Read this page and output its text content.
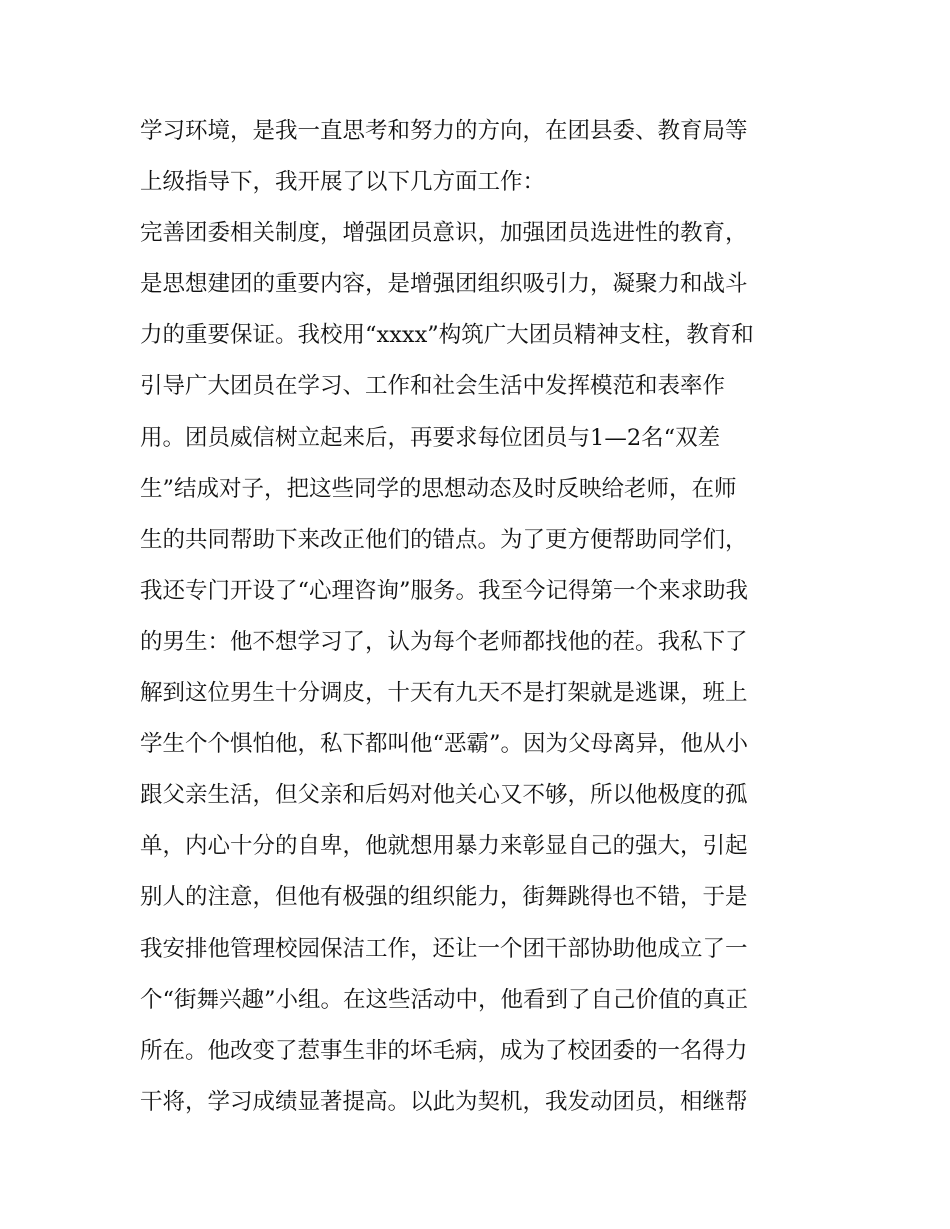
学习环境，是我一直思考和努力的方向，在团县委、教育局等
上级指导下，我开展了以下几方面工作：
完善团委相关制度，增强团员意识，加强团员选进性的教育，
是思想建团的重要内容，是增强团组织吸引力，凝聚力和战斗
力的重要保证。我校用“xxxx”构筑广大团员精神支柱，教育和
引导广大团员在学习、工作和社会生活中发挥模范和表率作
用。团员威信树立起来后，再要求每位团员与1—2名“双差
生”结成对子，把这些同学的思想动态及时反映给老师，在师
生的共同帮助下来改正他们的错点。为了更方便帮助同学们，
我还专门开设了“心理咨询”服务。我至今记得第一个来求助我
的男生：他不想学习了，认为每个老师都找他的茬。我私下了
解到这位男生十分调皮，十天有九天不是打架就是逃课，班上
学生个个惧怕他，私下都叫他“恶霸”。因为父母离异，他从小
跟父亲生活，但父亲和后妈对他关心又不够，所以他极度的孤
单，内心十分的自卑，他就想用暴力来彰显自己的强大，引起
别人的注意，但他有极强的组织能力，街舞跳得也不错，于是
我安排他管理校园保洁工作，还让一个团干部协助他成立了一
个“街舞兴趣”小组。在这些活动中，他看到了自己价值的真正
所在。他改变了惹事生非的坏毛病，成为了校团委的一名得力
干将，学习成绩显著提高。以此为契机，我发动团员，相继帮
